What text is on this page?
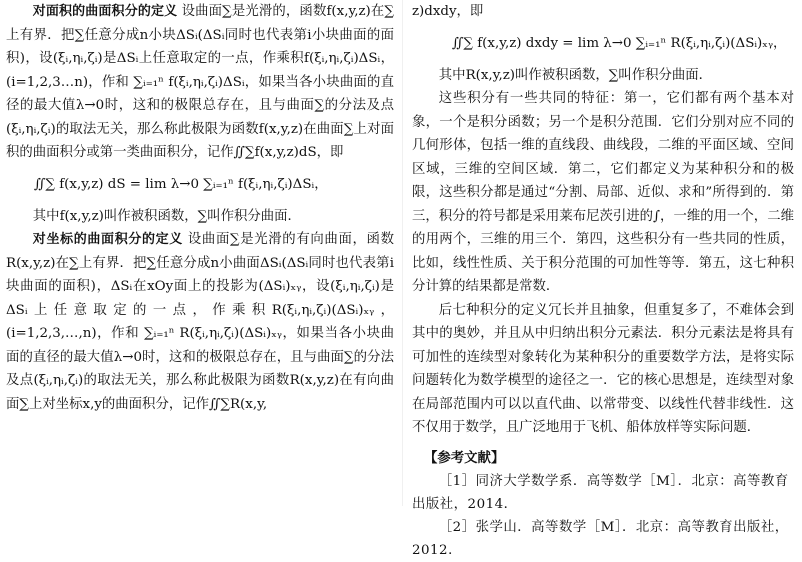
对面积的曲面积分的定义 设曲面∑是光滑的，函数f(x,y,z)在∑上有界．把∑任意分成n小块ΔSᵢ(ΔSᵢ同时也代表第i小块曲面的面积)，设(ξᵢ,ηᵢ,ζᵢ)是ΔSᵢ上任意取定的一点，作乘积f(ξᵢ,ηᵢ,ζᵢ)ΔSᵢ，(i=1,2,3…n)，作和 ∑ᵢ₌₁ⁿ f(ξᵢ,ηᵢ,ζᵢ)ΔSᵢ，如果当各小块曲面的直径的最大值λ→0时，这和的极限总存在，且与曲面∑的分法及点(ξᵢ,ηᵢ,ζᵢ)的取法无关，那么称此极限为函数f(x,y,z)在曲面∑上对面积的曲面积分或第一类曲面积分，记作∬∑f(x,y,z)dS，即

∬∑ f(x,y,z) dS = lim λ→0 ∑ᵢ₌₁ⁿ f(ξᵢ,ηᵢ,ζᵢ)ΔSᵢ，

其中f(x,y,z)叫作被积函数，∑叫作积分曲面．

对坐标的曲面积分的定义 设曲面∑是光滑的有向曲面，函数R(x,y,z)在∑上有界．把∑任意分成n小曲面ΔSᵢ(ΔSᵢ同时也代表第i块曲面的面积)，ΔSᵢ在xOy面上的投影为(ΔSᵢ)ₓᵧ，设(ξᵢ,ηᵢ,ζᵢ)是ΔSᵢ上任意取定的一点，作乘积R(ξᵢ,ηᵢ,ζᵢ)(ΔSᵢ)ₓᵧ，(i=1,2,3,…,n)，作和 ∑ᵢ₌₁ⁿ R(ξᵢ,ηᵢ,ζᵢ)(ΔSᵢ)ₓᵧ，如果当各小块曲面的直径的最大值λ→0时，这和的极限总存在，且与曲面∑的分法及点(ξᵢ,ηᵢ,ζᵢ)的取法无关，那么称此极限为函数R(x,y,z)在有向曲面∑上对坐标x,y的曲面积分，记作∬∑R(x,y,

z)dxdy，即

∬∑ f(x,y,z) dxdy = lim λ→0 ∑ᵢ₌₁ⁿ R(ξᵢ,ηᵢ,ζᵢ)(ΔSᵢ)ₓᵧ，

其中R(x,y,z)叫作被积函数，∑叫作积分曲面．

这些积分有一些共同的特征：第一，它们都有两个基本对象，一个是积分函数；另一个是积分范围．它们分别对应不同的几何形体，包括一维的直线段、曲线段，二维的平面区域、空间区域，三维的空间区域．第二，它们都定义为某种积分和的极限，这些积分都是通过“分割、局部、近似、求和”所得到的．第三，积分的符号都是采用莱布尼茨引进的∫，一维的用一个，二维的用两个，三维的用三个．第四，这些积分有一些共同的性质，比如，线性性质、关于积分范围的可加性等等．第五，这七种积分计算的结果都是常数．

后七种积分的定义冗长并且抽象，但重复多了，不难体会到其中的奥妙，并且从中归纳出积分元素法．积分元素法是将具有可加性的连续型对象转化为某种积分的重要数学方法，是将实际问题转化为数学模型的途径之一．它的核心思想是，连续型对象在局部范围内可以以直代曲、以常带变、以线性代替非线性．这不仅用于数学，且广泛地用于飞机、船体放样等实际问题．

【参考文献】

［1］同济大学数学系．高等数学［M］．北京：高等教育出版社，2014．

［2］张学山．高等数学［M］．北京：高等教育出版社，2012．
